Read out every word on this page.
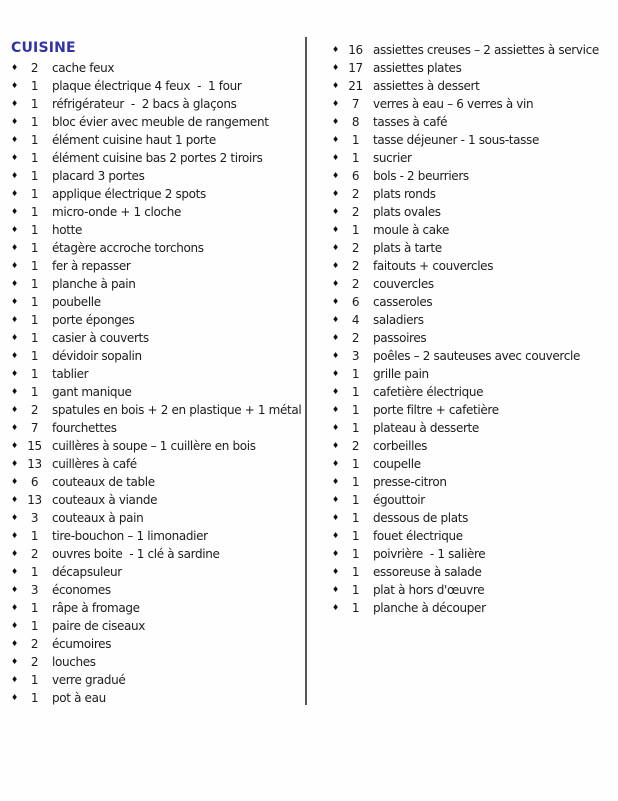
CUISINE
♦	2	cache feux
♦	1	plaque électrique 4 feux  -  1 four
♦	1	réfrigérateur  -  2 bacs à glaçons
♦	1	bloc évier avec meuble de rangement
♦	1	élément cuisine haut 1 porte
♦	1	élément cuisine bas 2 portes 2 tiroirs
♦	1	placard 3 portes
♦	1	applique électrique 2 spots
♦	1	micro-onde + 1 cloche
♦	1	hotte
♦	1	étagère accroche torchons
♦	1	fer à repasser
♦	1	planche à pain
♦	1	poubelle
♦	1	porte éponges
♦	1	casier à couverts
♦	1	dévidoir sopalin
♦	1	tablier
♦	1	gant manique
♦	2	spatules en bois + 2 en plastique + 1 métal
♦	7	fourchettes
♦ 15 cuillères à soupe – 1 cuillère en bois
♦ 13 cuillères à café
♦	6	couteaux de table
♦ 13 couteaux à viande
♦	3	couteaux à pain
♦	1	tire-bouchon – 1 limonadier
♦	2	ouvres boite  - 1 clé à sardine
♦	1	décapsuleur
♦	3	économes
♦	1	râpe à fromage
♦	1	paire de ciseaux
♦	2	écumoires
♦	2	louches
♦	1	verre gradué
♦	1	pot à eau
♦ 16 assiettes creuses – 2 assiettes à service
♦ 17 assiettes plates
♦ 21 assiettes à dessert
♦	7	verres à eau – 6 verres à vin
♦	8	tasses à café
♦	1	tasse déjeuner - 1 sous-tasse
♦	1	sucrier
♦	6	bols - 2 beurriers
♦	2	plats ronds
♦	2	plats ovales
♦	1	moule à cake
♦	2	plats à tarte
♦	2	faitouts + couvercles
♦	2	couvercles
♦	6	casseroles
♦	4	saladiers
♦	2	passoires
♦	3	poêles – 2 sauteuses avec couvercle
♦	1	grille pain
♦	1	cafetière électrique
♦	1	porte filtre + cafetière
♦	1	plateau à desserte
♦	2	corbeilles
♦	1	coupelle
♦	1	presse-citron
♦	1	égouttoir
♦	1	dessous de plats
♦	1	fouet électrique
♦	1	poivrière  - 1 salière
♦	1	essoreuse à salade
♦	1	plat à hors d'œuvre
♦	1	planche à découper
